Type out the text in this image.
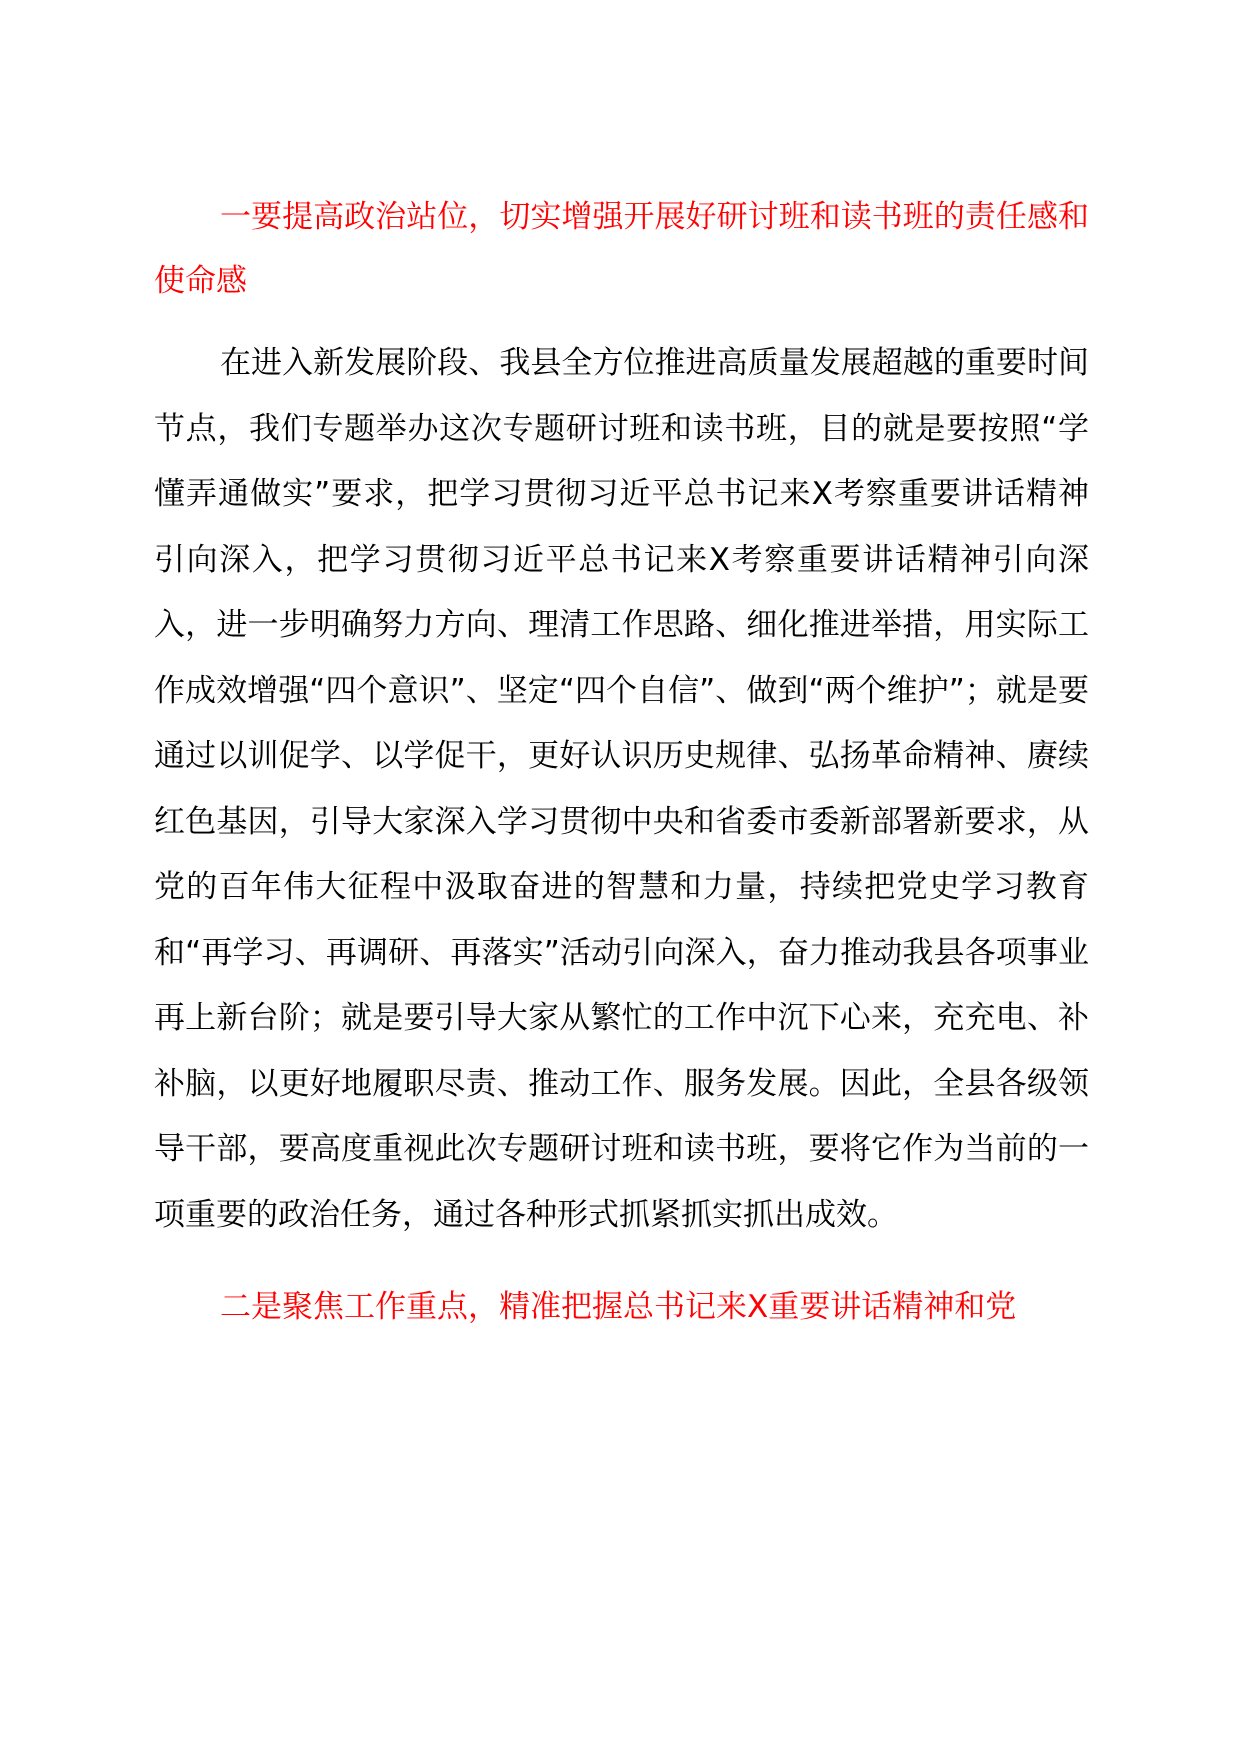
一要提高政治站位，切实增强开展好研讨班和读书班的责任感和使命感

在进入新发展阶段、我县全方位推进高质量发展超越的重要时间节点，我们专题举办这次专题研讨班和读书班，目的就是要按照“学懂弄通做实”要求，把学习贯彻习近平总书记来X考察重要讲话精神引向深入，把学习贯彻习近平总书记来X考察重要讲话精神引向深入，进一步明确努力方向、理清工作思路、细化推进举措，用实际工作成效增强“四个意识”、坚定“四个自信”、做到“两个维护”；就是要通过以训促学、以学促干，更好认识历史规律、弘扬革命精神、赓续红色基因，引导大家深入学习贯彻中央和省委市委新部署新要求，从党的百年伟大征程中汲取奋进的智慧和力量，持续把党史学习教育和“再学习、再调研、再落实”活动引向深入，奋力推动我县各项事业再上新台阶；就是要引导大家从繁忙的工作中沉下心来，充充电、补补脑，以更好地履职尽责、推动工作、服务发展。因此，全县各级领导干部，要高度重视此次专题研讨班和读书班，要将它作为当前的一项重要的政治任务，通过各种形式抓紧抓实抓出成效。

二是聚焦工作重点，精准把握总书记来X重要讲话精神和党
